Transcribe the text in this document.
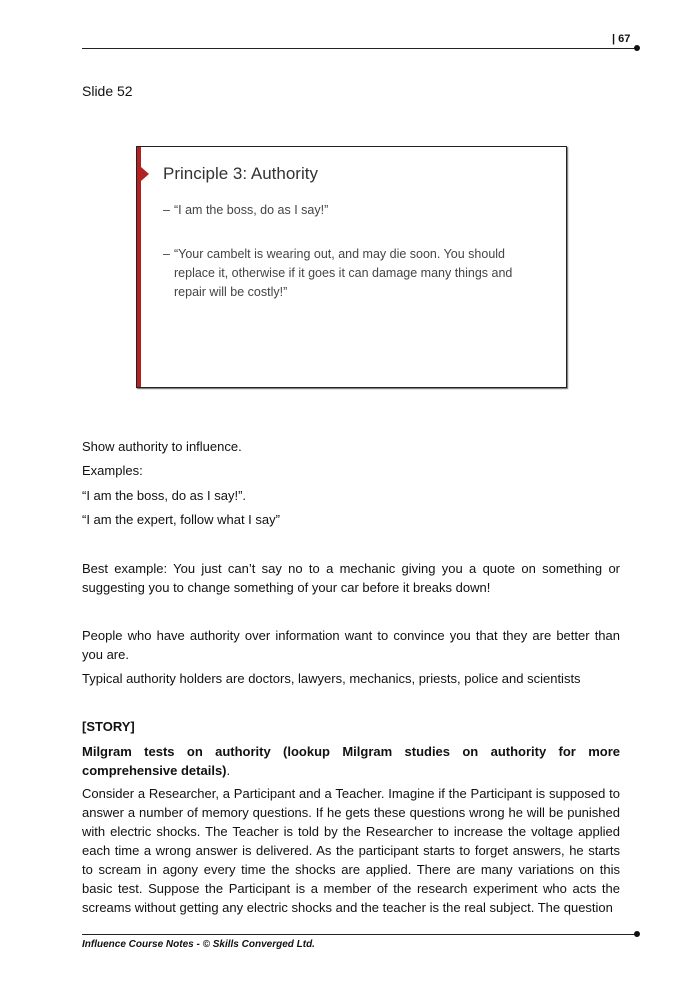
| 67
Slide 52
Principle 3: Authority
– “I am the boss, do as I say!”
– “Your cambelt is wearing out, and may die soon. You should replace it, otherwise if it goes it can damage many things and repair will be costly!”

Show authority to influence.

Examples:

“I am the boss, do as I say!”.

“I am the expert, follow what I say”

Best example: You just can’t say no to a mechanic giving you a quote on something or suggesting you to change something of your car before it breaks down!

People who have authority over information want to convince you that they are better than you are.

Typical authority holders are doctors, lawyers, mechanics, priests, police and scientists

[STORY]

Milgram tests on authority (lookup Milgram studies on authority for more comprehensive details).

Consider a Researcher, a Participant and a Teacher. Imagine if the Participant is supposed to answer a number of memory questions. If he gets these questions wrong he will be punished with electric shocks. The Teacher is told by the Researcher to increase the voltage applied each time a wrong answer is delivered. As the participant starts to forget answers, he starts to scream in agony every time the shocks are applied. There are many variations on this basic test. Suppose the Participant is a member of the research experiment who acts the screams without getting any electric shocks and the teacher is the real subject. The question

Influence Course Notes - © Skills Converged Ltd.
